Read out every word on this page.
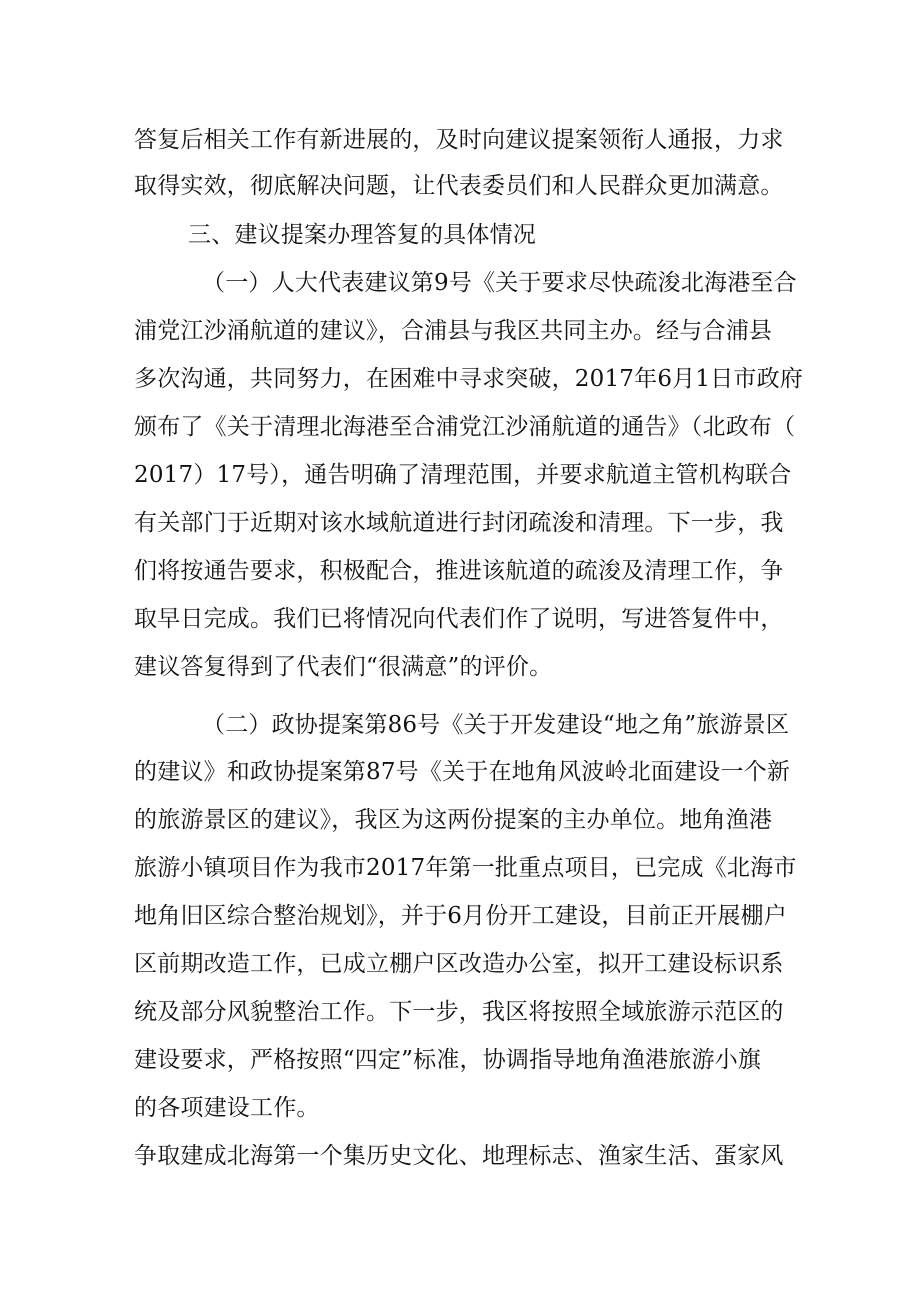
答复后相关工作有新进展的，及时向建议提案领衔人通报，力求
取得实效，彻底解决问题，让代表委员们和人民群众更加满意。
三、建议提案办理答复的具体情况
（一）人大代表建议第9号《关于要求尽快疏浚北海港至合
浦党江沙涌航道的建议》，合浦县与我区共同主办。经与合浦县
多次沟通，共同努力，在困难中寻求突破，2017年6月1日市政府
颁布了《关于清理北海港至合浦党江沙涌航道的通告》（北政布（
2017）17号），通告明确了清理范围，并要求航道主管机构联合
有关部门于近期对该水域航道进行封闭疏浚和清理。下一步，我
们将按通告要求，积极配合，推进该航道的疏浚及清理工作，争
取早日完成。我们已将情况向代表们作了说明，写进答复件中，
建议答复得到了代表们“很满意”的评价。
（二）政协提案第86号《关于开发建设“地之角”旅游景区
的建议》和政协提案第87号《关于在地角风波岭北面建设一个新
的旅游景区的建议》，我区为这两份提案的主办单位。地角渔港
旅游小镇项目作为我市2017年第一批重点项目，已完成《北海市
地角旧区综合整治规划》，并于6月份开工建设，目前正开展棚户
区前期改造工作，已成立棚户区改造办公室，拟开工建设标识系
统及部分风貌整治工作。下一步，我区将按照全域旅游示范区的
建设要求，严格按照“四定”标准，协调指导地角渔港旅游小旗
的各项建设工作。
争取建成北海第一个集历史文化、地理标志、渔家生活、蛋家风
